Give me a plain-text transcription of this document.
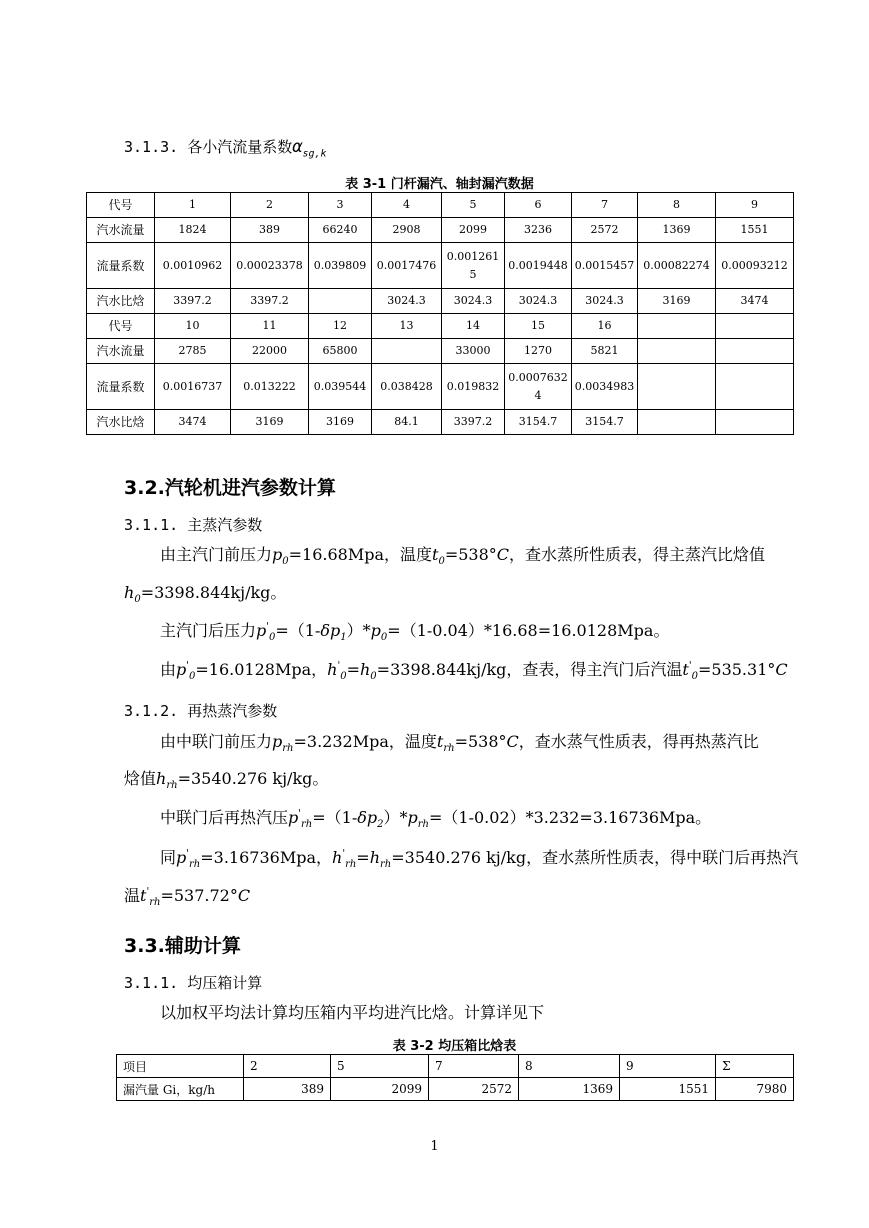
3.1.3. 各小汽流量系数$\alpha_{sg,k}$
表 3-1 门杆漏汽、轴封漏汽数据
代号	1	2	3	4	5	6	7	8	9
汽水流量	1824	389	66240	2908	2099	3236	2572	1369	1551
流量系数	0.0010962	0.00023378	0.039809	0.0017476	0.0012615	0.0019448	0.0015457	0.00082274	0.00093212
汽水比焓	3397.2	3397.2		3024.3	3024.3	3024.3	3024.3	3169	3474
代号	10	11	12	13	14	15	16		
汽水流量	2785	22000	65800		33000	1270	5821		
流量系数	0.0016737	0.013222	0.039544	0.038428	0.019832	0.00076324	0.0034983		
汽水比焓	3474	3169	3169	84.1	3397.2	3154.7	3154.7		
3.2.汽轮机进汽参数计算
3.1.1. 主蒸汽参数
由主汽门前压力$p_0=16.68Mpa$，温度$t_0=538^\circ C$，查水蒸所性质表，得主蒸汽比焓值
$h_0=3398.844kj/kg$。
主汽门后压力$p'_0=(1-\delta p_1)*p_0=(1-0.04)*16.68=16.0128Mpa$。
由$p'_0=16.0128Mpa$，$h'_0=h_0=3398.844kj/kg$，查表，得主汽门后汽温$t'_0=535.31^\circ C$
3.1.2. 再热蒸汽参数
由中联门前压力$p_{rh}=3.232Mpa$，温度$t_{rh}=538^\circ C$，查水蒸气性质表，得再热蒸汽比
焓值$h_{rh}=3540.276$ kj/kg。
中联门后再热汽压$p'_{rh}=(1-\delta p_2)*p_{rh}=(1-0.02)*3.232=3.16736Mpa$。
同$p'_{rh}=3.16736Mpa$，$h'_{rh}=h_{rh}=3540.276$ kj/kg，查水蒸所性质表，得中联门后再热汽
温$t'_{rh}=537.72^\circ C$
3.3.辅助计算
3.1.1. 均压箱计算
以加权平均法计算均压箱内平均进汽比焓。计算详见下
表 3-2 均压箱比焓表
项目	2	5	7	8	9	Σ
漏汽量 Gi，kg/h	389	2099	2572	1369	1551	7980
1
